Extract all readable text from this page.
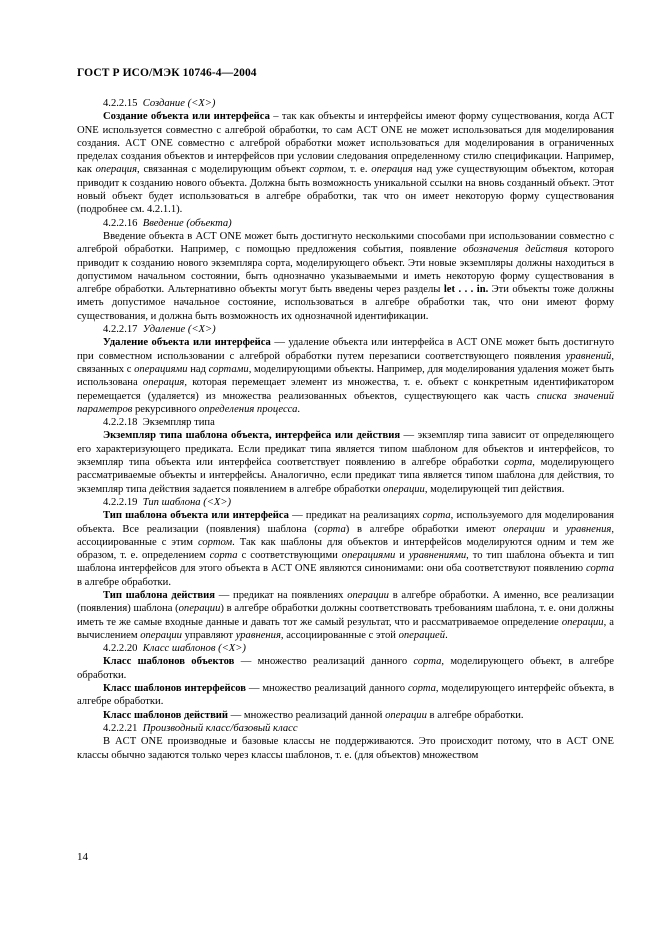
ГОСТ Р ИСО/МЭК 10746-4—2004
4.2.2.15 Создание (<X>)

Создание объекта или интерфейса – так как объекты и интерфейсы имеют форму существования, когда ACT ONE используется совместно с алгеброй обработки, то сам ACT ONE не может использоваться для моделирования создания. ACT ONE совместно с алгеброй обработки может использоваться для моделирования в ограниченных пределах создания объектов и интерфейсов при условии следования определенному стилю спецификации. Например, как операция, связанная с моделирующим объект сортом, т. е. операция над уже существующим объектом, которая приводит к созданию нового объекта. Должна быть возможность уникальной ссылки на вновь созданный объект. Этот новый объект будет использоваться в алгебре обработки, так что он имеет некоторую форму существования (подробнее см. 4.2.1.1).

4.2.2.16 Введение (объекта)

Введение объекта в ACT ONE может быть достигнуто несколькими способами при использовании совместно с алгеброй обработки. Например, с помощью предложения события, появление обозначения действия которого приводит к созданию нового экземпляра сорта, моделирующего объект. Эти новые экземпляры должны находиться в допустимом начальном состоянии, быть однозначно указываемыми и иметь некоторую форму существования в алгебре обработки. Альтернативно объекты могут быть введены через разделы let . . . in. Эти объекты тоже должны иметь допустимое начальное состояние, использоваться в алгебре обработки так, что они имеют форму существования, и должна быть возможность их однозначной идентификации.

4.2.2.17 Удаление (<X>)

Удаление объекта или интерфейса — удаление объекта или интерфейса в ACT ONE может быть достигнуто при совместном использовании с алгеброй обработки путем перезаписи соответствующего появления уравнений, связанных с операциями над сортами, моделирующими объекты. Например, для моделирования удаления может быть использована операция, которая перемещает элемент из множества, т. е. объект с конкретным идентификатором перемещается (удаляется) из множества реализованных объектов, существующего как часть списка значений параметров рекурсивного определения процесса.

4.2.2.18 Экземпляр типа

Экземпляр типа шаблона объекта, интерфейса или действия — экземпляр типа зависит от определяющего его характеризующего предиката. Если предикат типа является типом шаблоном для объектов и интерфейсов, то экземпляр типа объекта или интерфейса соответствует появлению в алгебре обработки сорта, моделирующего рассматриваемые объекты и интерфейсы. Аналогично, если предикат типа является типом шаблона для действия, то экземпляр типа действия задается появлением в алгебре обработки операции, моделирующей тип действия.

4.2.2.19 Тип шаблона (<X>)

Тип шаблона объекта или интерфейса — предикат на реализациях сорта, используемого для моделирования объекта. Все реализации (появления) шаблона (сорта) в алгебре обработки имеют операции и уравнения, ассоциированные с этим сортом. Так как шаблоны для объектов и интерфейсов моделируются одним и тем же образом, т. е. определением сорта с соответствующими операциями и уравнениями, то тип шаблона объекта и тип шаблона интерфейсов для этого объекта в ACT ONE являются синонимами: они оба соответствуют появлению сорта в алгебре обработки.

Тип шаблона действия — предикат на появлениях операции в алгебре обработки. А именно, все реализации (появления) шаблона (операции) в алгебре обработки должны соответствовать требованиям шаблона, т. е. они должны иметь те же самые входные данные и давать тот же самый результат, что и рассматриваемое определение операции, а вычислением операции управляют уравнения, ассоциированные с этой операцией.

4.2.2.20 Класс шаблонов (<X>)

Класс шаблонов объектов — множество реализаций данного сорта, моделирующего объект, в алгебре обработки.

Класс шаблонов интерфейсов — множество реализаций данного сорта, моделирующего интерфейс объекта, в алгебре обработки.

Класс шаблонов действий — множество реализаций данной операции в алгебре обработки.

4.2.2.21 Производный класс/базовый класс

В ACT ONE производные и базовые классы не поддерживаются. Это происходит потому, что в ACT ONE классы обычно задаются только через классы шаблонов, т. е. (для объектов) множеством

14
